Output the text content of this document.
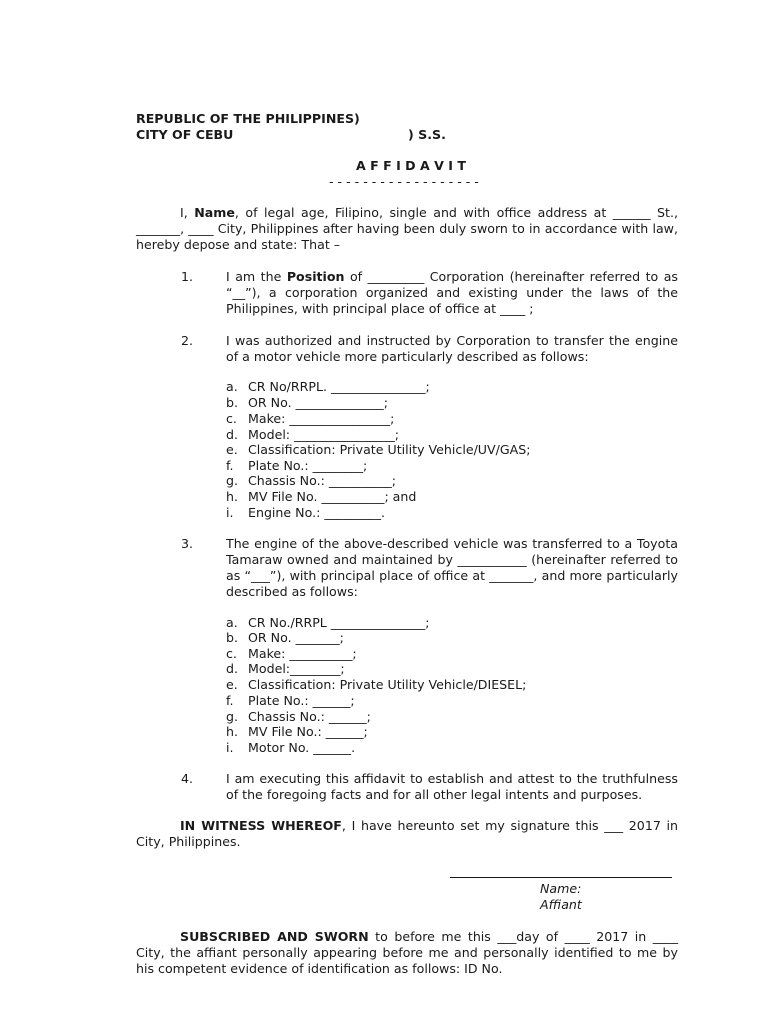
REPUBLIC OF THE PHILIPPINES)
CITY OF CEBU	) S.S.
A F F I D A V I T
- - - - - - - - - - - - - - - - - -
I, Name, of legal age, Filipino, single and with office address at ______ St., _______, ____ City, Philippines after having been duly sworn to in accordance with law, hereby depose and state: That –
1.	I am the Position of _________ Corporation (hereinafter referred to as “__”), a corporation organized and existing under the laws of the Philippines, with principal place of office at ____ ;
2.	I was authorized and instructed by Corporation to transfer the engine of a motor vehicle more particularly described as follows:
a. CR No/RRPL. _______________;
b. OR No. ______________;
c. Make: ________________;
d. Model: ________________;
e. Classification: Private Utility Vehicle/UV/GAS;
f. Plate No.: ________;
g. Chassis No.: __________;
h. MV File No. __________; and
i. Engine No.: _________.
3.	The engine of the above-described vehicle was transferred to a Toyota Tamaraw owned and maintained by ___________ (hereinafter referred to as “___”), with principal place of office at _______, and more particularly described as follows:
a. CR No./RRPL _______________;
b. OR No. _______;
c. Make: __________;
d. Model:________;
e. Classification: Private Utility Vehicle/DIESEL;
f. Plate No.: ______;
g. Chassis No.: ______;
h. MV File No.: ______;
i. Motor No. ______.
4.	I am executing this affidavit to establish and attest to the truthfulness of the foregoing facts and for all other legal intents and purposes.
IN WITNESS WHEREOF, I have hereunto set my signature this ___ 2017 in City, Philippines.
Name:
Affiant
SUBSCRIBED AND SWORN to before me this ___day of ____ 2017 in ____ City, the affiant personally appearing before me and personally identified to me by his competent evidence of identification as follows: ID No.
